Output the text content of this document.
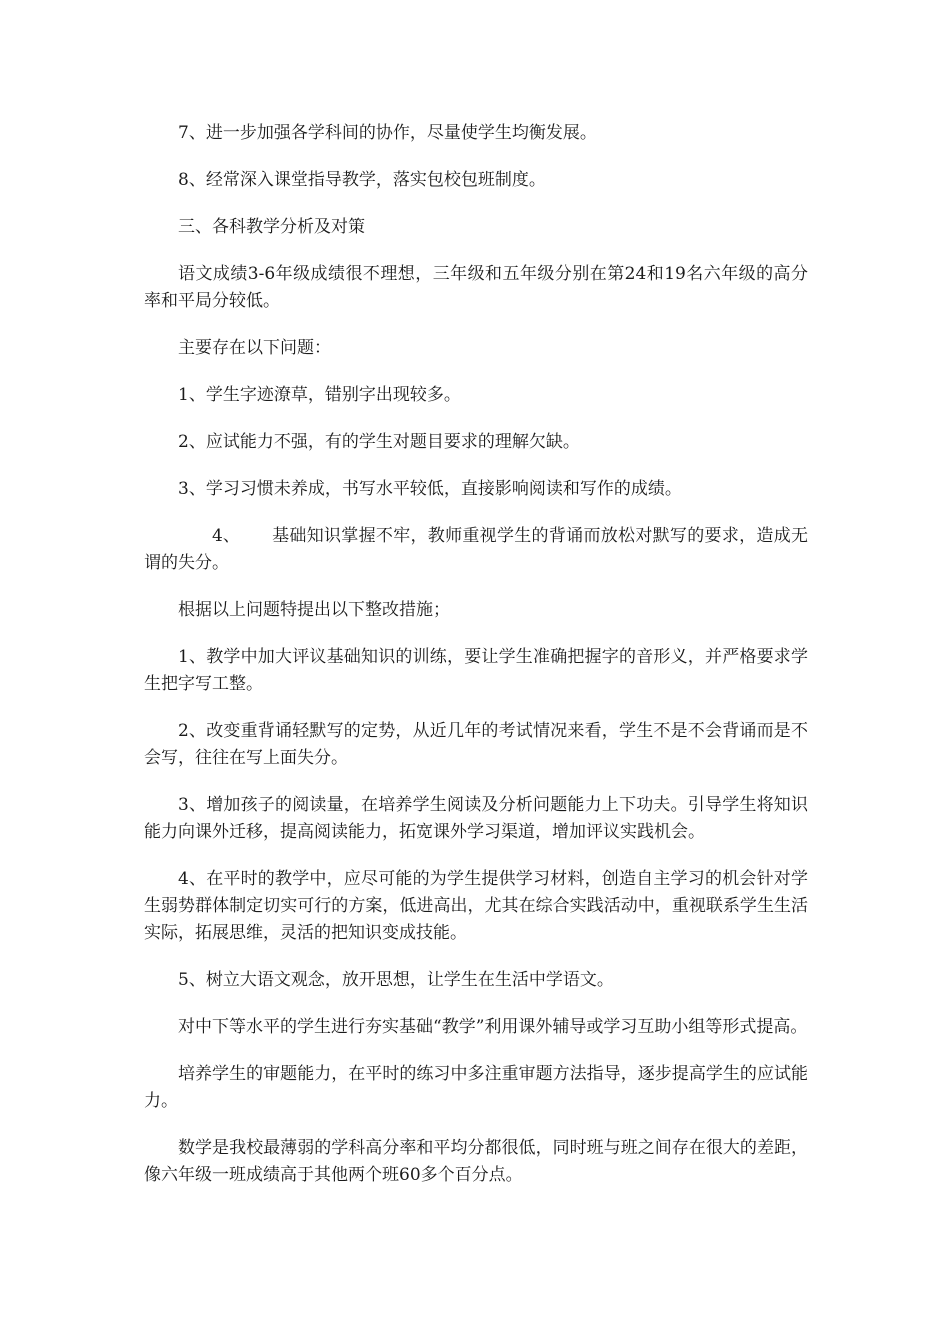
7、进一步加强各学科间的协作，尽量使学生均衡发展。

8、经常深入课堂指导教学，落实包校包班制度。

三、各科教学分析及对策

语文成绩3-6年级成绩很不理想，三年级和五年级分别在第24和19名六年级的高分率和平局分较低。

主要存在以下问题：

1、学生字迹潦草，错别字出现较多。

2、应试能力不强，有的学生对题目要求的理解欠缺。

3、学习习惯未养成，书写水平较低，直接影响阅读和写作的成绩。

4、 基础知识掌握不牢，教师重视学生的背诵而放松对默写的要求，造成无谓的失分。

根据以上问题特提出以下整改措施；

1、教学中加大评议基础知识的训练，要让学生准确把握字的音形义，并严格要求学生把字写工整。

2、改变重背诵轻默写的定势，从近几年的考试情况来看，学生不是不会背诵而是不会写，往往在写上面失分。

3、增加孩子的阅读量，在培养学生阅读及分析问题能力上下功夫。引导学生将知识能力向课外迁移，提高阅读能力，拓宽课外学习渠道，增加评议实践机会。

4、在平时的教学中，应尽可能的为学生提供学习材料，创造自主学习的机会针对学生弱势群体制定切实可行的方案，低进高出，尤其在综合实践活动中，重视联系学生生活实际，拓展思维，灵活的把知识变成技能。

5、树立大语文观念，放开思想，让学生在生活中学语文。

对中下等水平的学生进行夯实基础“教学”利用课外辅导或学习互助小组等形式提高。

培养学生的审题能力，在平时的练习中多注重审题方法指导，逐步提高学生的应试能力。

数学是我校最薄弱的学科高分率和平均分都很低，同时班与班之间存在很大的差距，像六年级一班成绩高于其他两个班60多个百分点。
